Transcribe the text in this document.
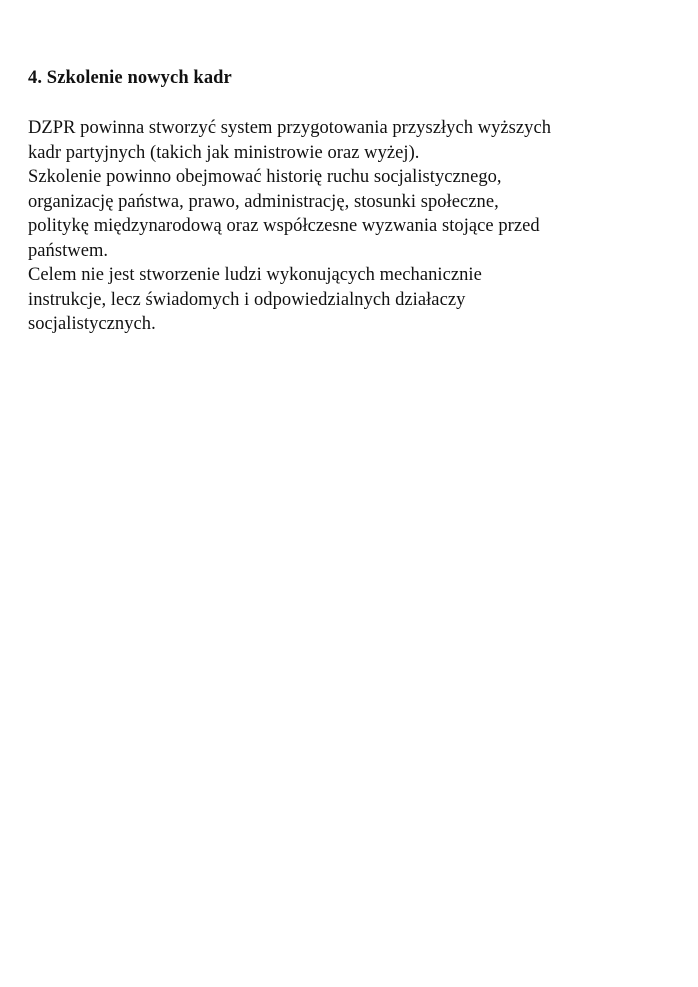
4. Szkolenie nowych kadr

DZPR powinna stworzyć system przygotowania przyszłych wyższych
kadr partyjnych (takich jak ministrowie oraz wyżej).
Szkolenie powinno obejmować historię ruchu socjalistycznego,
organizację państwa, prawo, administrację, stosunki społeczne,
politykę międzynarodową oraz współczesne wyzwania stojące przed
państwem.
Celem nie jest stworzenie ludzi wykonujących mechanicznie
instrukcje, lecz świadomych i odpowiedzialnych działaczy
socjalistycznych.
